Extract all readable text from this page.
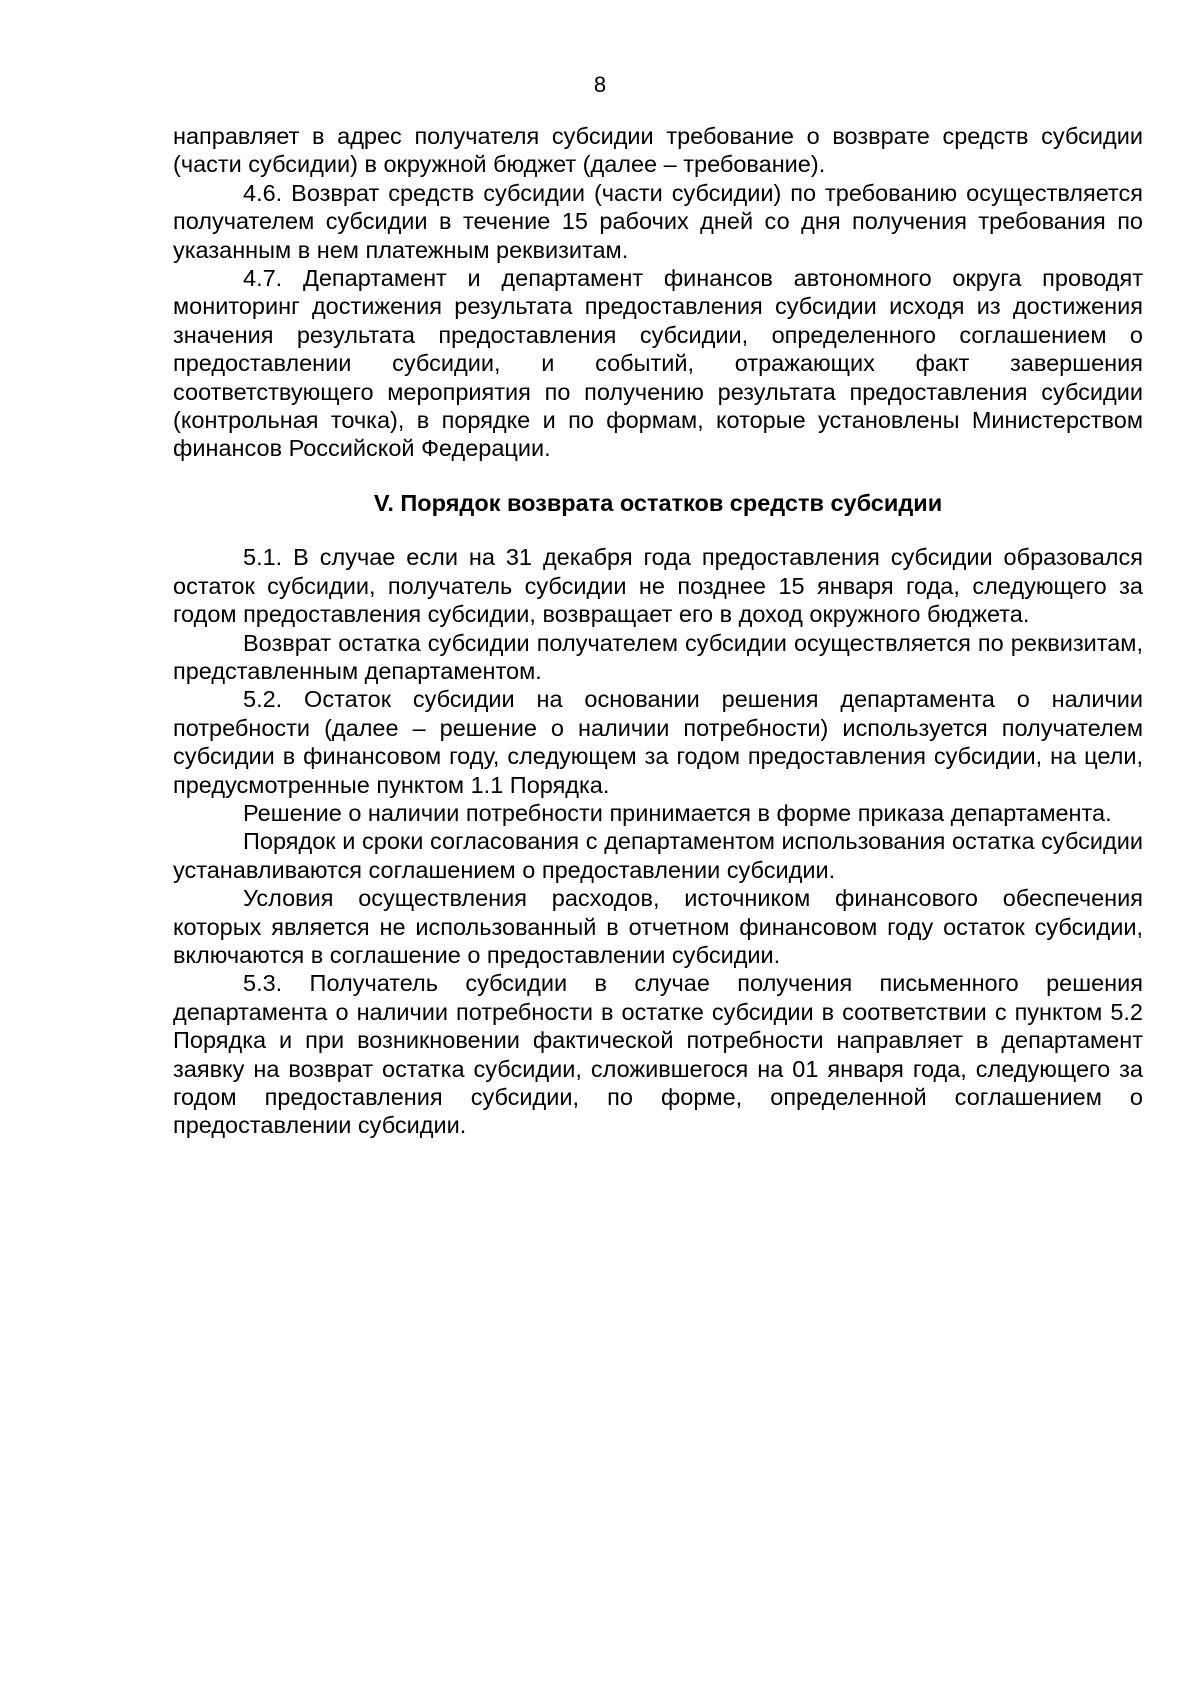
8

направляет в адрес получателя субсидии требование о возврате средств субсидии (части субсидии) в окружной бюджет (далее – требование).

4.6. Возврат средств субсидии (части субсидии) по требованию осуществляется получателем субсидии в течение 15 рабочих дней со дня получения требования по указанным в нем платежным реквизитам.

4.7. Департамент и департамент финансов автономного округа проводят мониторинг достижения результата предоставления субсидии исходя из достижения значения результата предоставления субсидии, определенного соглашением о предоставлении субсидии, и событий, отражающих факт завершения соответствующего мероприятия по получению результата предоставления субсидии (контрольная точка), в порядке и по формам, которые установлены Министерством финансов Российской Федерации.

V. Порядок возврата остатков средств субсидии

5.1. В случае если на 31 декабря года предоставления субсидии образовался остаток субсидии, получатель субсидии не позднее 15 января года, следующего за годом предоставления субсидии, возвращает его в доход окружного бюджета.

Возврат остатка субсидии получателем субсидии осуществляется по реквизитам, представленным департаментом.

5.2. Остаток субсидии на основании решения департамента о наличии потребности (далее – решение о наличии потребности) используется получателем субсидии в финансовом году, следующем за годом предоставления субсидии, на цели, предусмотренные пунктом 1.1 Порядка.

Решение о наличии потребности принимается в форме приказа департамента.

Порядок и сроки согласования с департаментом использования остатка субсидии устанавливаются соглашением о предоставлении субсидии.

Условия осуществления расходов, источником финансового обеспечения которых является не использованный в отчетном финансовом году остаток субсидии, включаются в соглашение о предоставлении субсидии.

5.3. Получатель субсидии в случае получения письменного решения департамента о наличии потребности в остатке субсидии в соответствии с пунктом 5.2 Порядка и при возникновении фактической потребности направляет в департамент заявку на возврат остатка субсидии, сложившегося на 01 января года, следующего за годом предоставления субсидии, по форме, определенной соглашением о предоставлении субсидии.
